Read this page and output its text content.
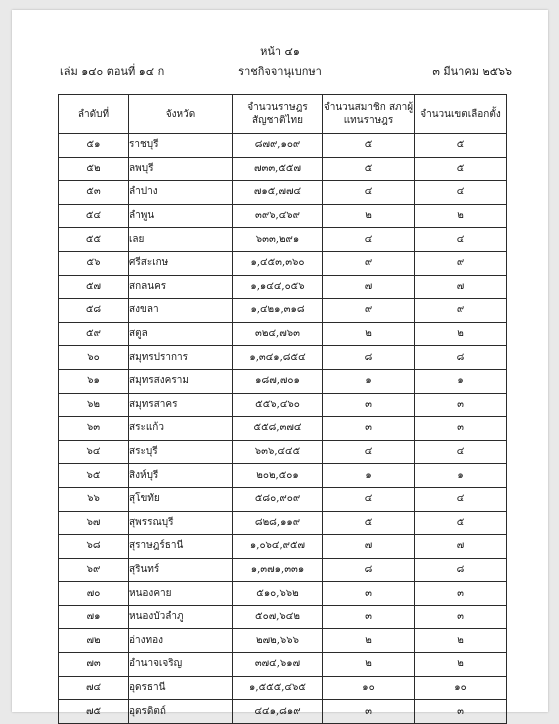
หน้า ๔๑
เล่ม ๑๔๐ ตอนที่ ๑๔ ก	ราชกิจจานุเบกษา	๓ มีนาคม ๒๕๖๖
ลำดับที่	จังหวัด	จำนวนราษฎร สัญชาติไทย	จำนวนสมาชิก สภาผู้แทนราษฎร	จำนวนเขตเลือกตั้ง
๕๑	ราชบุรี	๘๗๙,๑๐๙	๕	๕
๕๒	ลพบุรี	๗๓๓,๕๕๗	๕	๕
๕๓	ลำปาง	๗๑๕,๗๗๔	๔	๔
๕๔	ลำพูน	๓๙๖,๔๖๙	๒	๒
๕๕	เลย	๖๓๓,๒๙๑	๔	๔
๕๖	ศรีสะเกษ	๑,๔๕๓,๓๖๐	๙	๙
๕๗	สกลนคร	๑,๑๔๔,๐๕๖	๗	๗
๕๘	สงขลา	๑,๔๒๑,๓๑๘	๙	๙
๕๙	สตูล	๓๒๔,๗๖๓	๒	๒
๖๐	สมุทรปราการ	๑,๓๔๑,๘๕๔	๘	๘
๖๑	สมุทรสงคราม	๑๘๗,๗๐๑	๑	๑
๖๒	สมุทรสาคร	๕๕๖,๔๖๐	๓	๓
๖๓	สระแก้ว	๕๕๘,๓๗๔	๓	๓
๖๔	สระบุรี	๖๓๖,๔๔๕	๔	๔
๖๕	สิงห์บุรี	๒๐๒,๕๐๑	๑	๑
๖๖	สุโขทัย	๕๘๐,๙๐๙	๔	๔
๖๗	สุพรรณบุรี	๘๒๘,๑๑๙	๕	๕
๖๘	สุราษฎร์ธานี	๑,๐๖๔,๙๕๗	๗	๗
๖๙	สุรินทร์	๑,๓๗๑,๓๓๑	๘	๘
๗๐	หนองคาย	๕๑๐,๖๖๒	๓	๓
๗๑	หนองบัวลำภู	๕๐๗,๖๔๒	๓	๓
๗๒	อ่างทอง	๒๗๒,๖๖๖	๒	๒
๗๓	อำนาจเจริญ	๓๗๔,๖๑๗	๒	๒
๗๔	อุดรธานี	๑,๕๕๕,๔๖๕	๑๐	๑๐
๗๕	อุตรดิตถ์	๔๔๑,๘๑๙	๓	๓
